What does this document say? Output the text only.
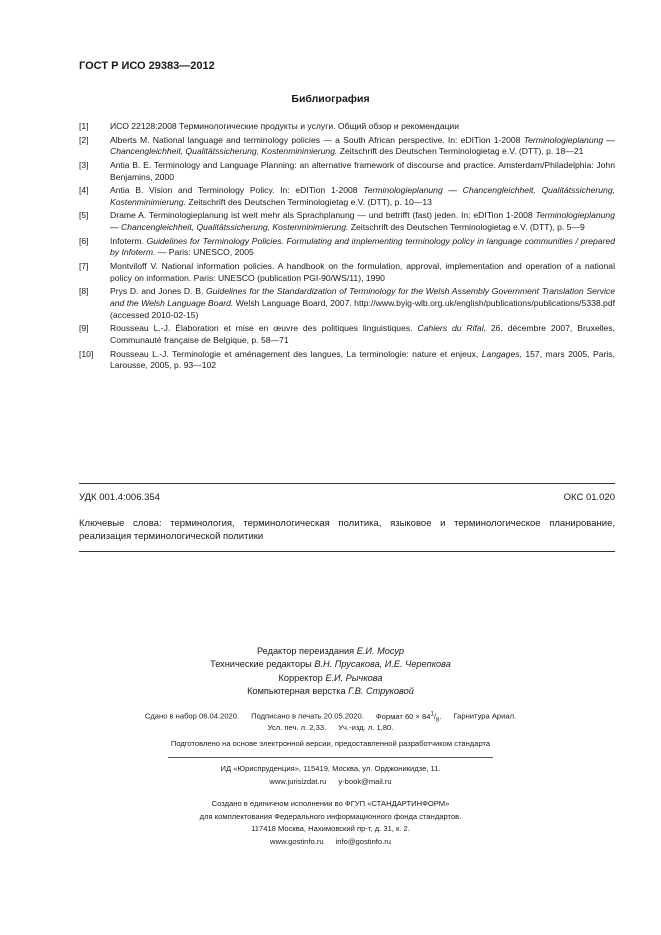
ГОСТ Р ИСО 29383—2012
Библиография
[1]	ИСО 22128:2008 Терминологические продукты и услуги. Общий обзор и рекомендации
[2]	Alberts M. National language and terminology policies — a South African perspective. In: eDITion 1-2008 Terminologieplanung — Chancengleichheit, Qualitätssicherung, Kostenminimierung. Zeitschrift des Deutschen Terminologietag e.V. (DTT), p. 18—21
[3]	Antia B. E. Terminology and Language Planning: an alternative framework of discourse and practice. Amsterdam/Philadelphia: John Benjamins, 2000
[4]	Antia B. Vision and Terminology Policy. In: eDITion 1-2008 Terminologieplanung — Chancengleichheit, Qualitätssicherung, Kostenminimierung. Zeitschrift des Deutschen Terminologietag e.V. (DTT), p. 10—13
[5]	Drame A. Terminologieplanung ist weit mehr als Sprachplanung — und betrifft (fast) jeden. In: eDITion 1-2008 Terminologieplanung — Chancengleichheit, Qualitätssicherung, Kostenminimierung. Zeitschrift des Deutschen Terminologietag e.V. (DTT), p. 5—9
[6]	Infoterm. Guidelines for Terminology Policies. Formulating and implementing terminology policy in language communities / prepared by Infoterm. — Paris: UNESCO, 2005
[7]	Montviloff V. National information policies. A handbook on the formulation, approval, implementation and operation of a national policy on information. Paris: UNESCO (publication PGI-90/WS/11), 1990
[8]	Prys D. and Jones D. B. Guidelines for the Standardization of Terminology for the Welsh Assembly Government Translation Service and the Welsh Language Board. Welsh Language Board, 2007. http://www.byig-wlb.org.uk/english/publications/publications/5338.pdf (accessed 2010-02-15)
[9]	Rousseau L.-J. Élaboration et mise en œuvre des politiques linguistiques. Cahiers du Rifal, 26, décembre 2007, Bruxelles, Communauté française de Belgique, p. 58—71
[10]	Rousseau L.-J. Terminologie et aménagement des langues, La terminologie: nature et enjeux, Langages, 157, mars 2005, Paris, Larousse, 2005, p. 93—102
УДК 001.4:006.354	ОКС 01.020
Ключевые слова: терминология, терминологическая политика, языковое и терминологическое планирование, реализация терминологической политики
Редактор переиздания Е.И. Мосур
Технические редакторы В.Н. Прусакова, И.Е. Черепкова
Корректор Е.И. Рычкова
Компьютерная верстка Г.В. Струковой
Сдано в набор 06.04.2020. Подписано в печать 20.05.2020. Формат $60 \times 84^1/_8$. Гарнитура Ариал.
Усл. печ. л. 2,33. Уч.-изд. л. 1,80.
Подготовлено на основе электронной версии, предоставленной разработчиком стандарта
ИД «Юриспруденция», 115419, Москва, ул. Орджоникидзе, 11.
www.jurisizdat.ru y-book@mail.ru
Создано в единичном исполнении во ФГУП «СТАНДАРТИНФОРМ»
для комплектования Федерального информационного фонда стандартов.
117418 Москва, Нахимовский пр-т, д. 31, к. 2.
www.gostinfo.ru info@gostinfo.ru
